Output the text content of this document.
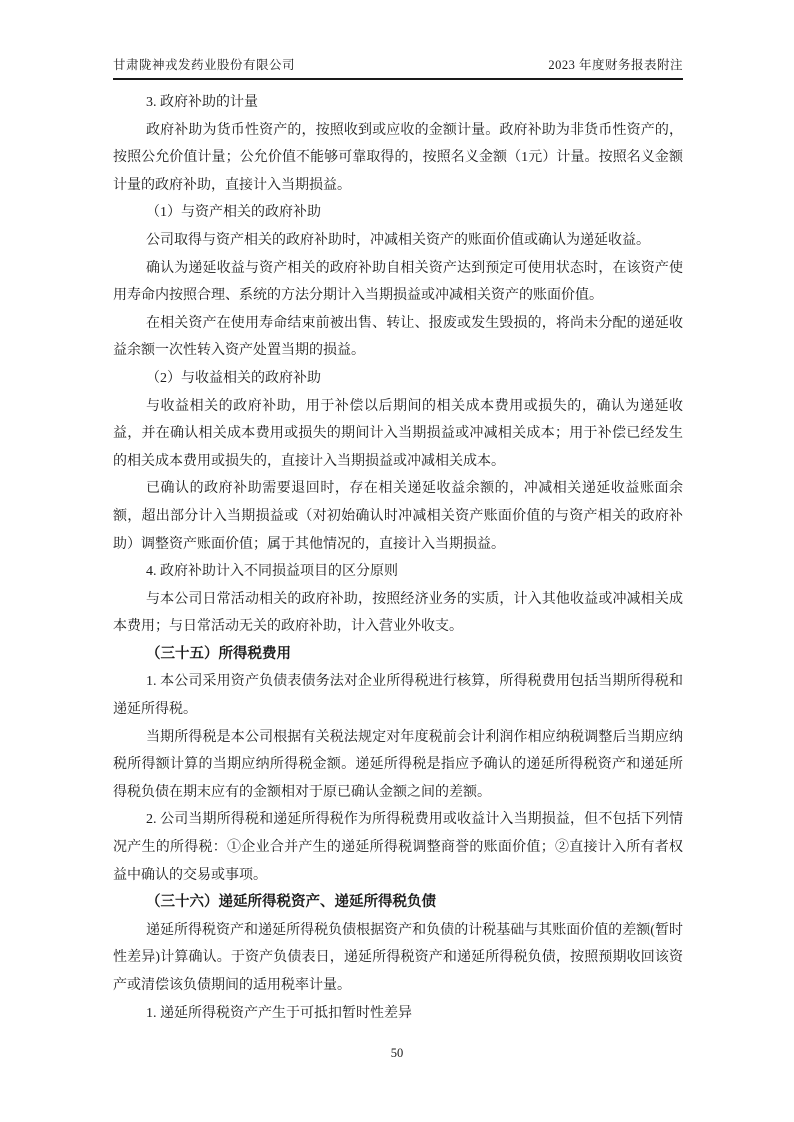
甘肃陇神戎发药业股份有限公司	2023 年度财务报表附注

3. 政府补助的计量

政府补助为货币性资产的，按照收到或应收的金额计量。政府补助为非货币性资产的，按照公允价值计量；公允价值不能够可靠取得的，按照名义金额（1元）计量。按照名义金额计量的政府补助，直接计入当期损益。

（1）与资产相关的政府补助

公司取得与资产相关的政府补助时，冲减相关资产的账面价值或确认为递延收益。

确认为递延收益与资产相关的政府补助自相关资产达到预定可使用状态时，在该资产使用寿命内按照合理、系统的方法分期计入当期损益或冲减相关资产的账面价值。

在相关资产在使用寿命结束前被出售、转让、报废或发生毁损的，将尚未分配的递延收益余额一次性转入资产处置当期的损益。

（2）与收益相关的政府补助

与收益相关的政府补助，用于补偿以后期间的相关成本费用或损失的，确认为递延收益，并在确认相关成本费用或损失的期间计入当期损益或冲减相关成本；用于补偿已经发生的相关成本费用或损失的，直接计入当期损益或冲减相关成本。

已确认的政府补助需要退回时，存在相关递延收益余额的，冲减相关递延收益账面余额，超出部分计入当期损益或（对初始确认时冲减相关资产账面价值的与资产相关的政府补助）调整资产账面价值；属于其他情况的，直接计入当期损益。

4. 政府补助计入不同损益项目的区分原则

与本公司日常活动相关的政府补助，按照经济业务的实质，计入其他收益或冲减相关成本费用；与日常活动无关的政府补助，计入营业外收支。

（三十五）所得税费用

1. 本公司采用资产负债表债务法对企业所得税进行核算，所得税费用包括当期所得税和递延所得税。

当期所得税是本公司根据有关税法规定对年度税前会计利润作相应纳税调整后当期应纳税所得额计算的当期应纳所得税金额。递延所得税是指应予确认的递延所得税资产和递延所得税负债在期末应有的金额相对于原已确认金额之间的差额。

2. 公司当期所得税和递延所得税作为所得税费用或收益计入当期损益，但不包括下列情况产生的所得税：①企业合并产生的递延所得税调整商誉的账面价值；②直接计入所有者权益中确认的交易或事项。

（三十六）递延所得税资产、递延所得税负债

递延所得税资产和递延所得税负债根据资产和负债的计税基础与其账面价值的差额(暂时性差异)计算确认。于资产负债表日，递延所得税资产和递延所得税负债，按照预期收回该资产或清偿该负债期间的适用税率计量。

1. 递延所得税资产产生于可抵扣暂时性差异

50
